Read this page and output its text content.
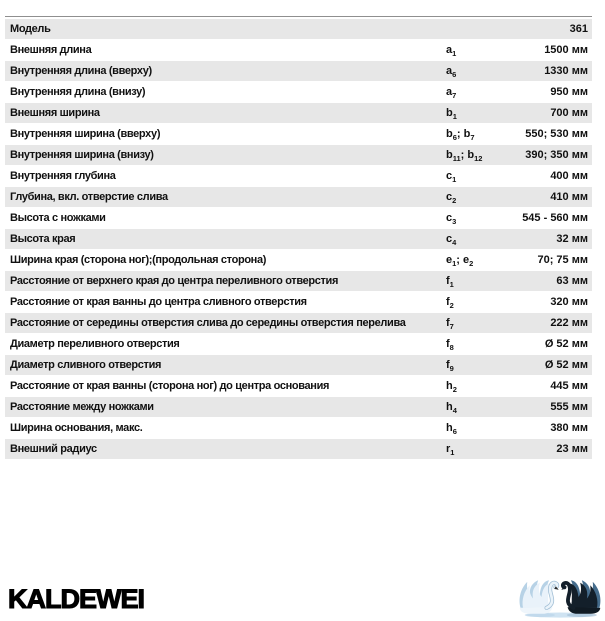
Модель	361
Внешняя длина	$a_1$	1500 мм
Внутренняя длина (вверху)	$a_6$	1330 мм
Внутренняя длина (внизу)	$a_7$	950 мм
Внешняя ширина	$b_1$	700 мм
Внутренняя ширина (вверху)	$b_6$; $b_7$	550; 530 мм
Внутренняя ширина (внизу)	$b_{11}$; $b_{12}$	390; 350 мм
Внутренняя глубина	$c_1$	400 мм
Глубина, вкл. отверстие слива	$c_2$	410 мм
Высота с ножками	$c_3$	545 - 560 мм
Высота края	$c_4$	32 мм
Ширина края (сторона ног);(продольная сторона)	$e_1$; $e_2$	70; 75 мм
Расстояние от верхнего края до центра переливного отверстия	$f_1$	63 мм
Расстояние от края ванны до центра сливного отверстия	$f_2$	320 мм
Расстояние от середины отверстия слива до середины отверстия перелива	$f_7$	222 мм
Диаметр переливного отверстия	$f_8$	Ø 52 мм
Диаметр сливного отверстия	$f_9$	Ø 52 мм
Расстояние от края ванны (сторона ног) до центра основания	$h_2$	445 мм
Расстояние между ножками	$h_4$	555 мм
Ширина основания, макс.	$h_6$	380 мм
Внешний радиус	$r_1$	23 мм
KALDEWEI
